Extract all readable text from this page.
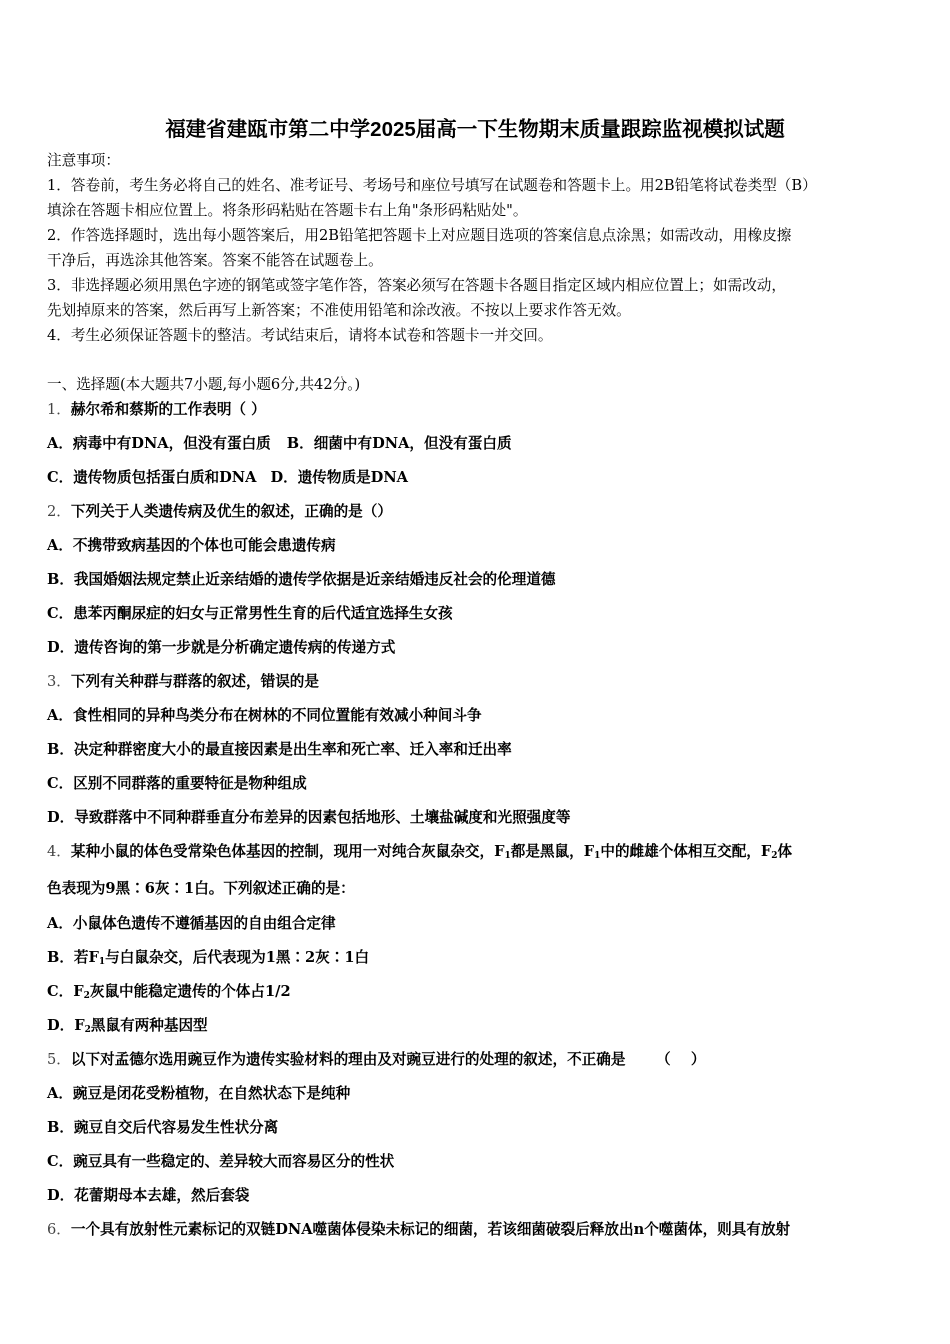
福建省建瓯市第二中学2025届高一下生物期末质量跟踪监视模拟试题
注意事项：
1．答卷前，考生务必将自己的姓名、准考证号、考场号和座位号填写在试题卷和答题卡上。用2B铅笔将试卷类型（B）
填涂在答题卡相应位置上。将条形码粘贴在答题卡右上角"条形码粘贴处"。
2．作答选择题时，选出每小题答案后，用2B铅笔把答题卡上对应题目选项的答案信息点涂黑；如需改动，用橡皮擦
干净后，再选涂其他答案。答案不能答在试题卷上。
3．非选择题必须用黑色字迹的钢笔或签字笔作答，答案必须写在答题卡各题目指定区域内相应位置上；如需改动，
先划掉原来的答案，然后再写上新答案；不准使用铅笔和涂改液。不按以上要求作答无效。
4．考生必须保证答题卡的整洁。考试结束后，请将本试卷和答题卡一并交回。
一、选择题(本大题共7小题,每小题6分,共42分。)
1．赫尔希和蔡斯的工作表明（ ）
A．病毒中有DNA，但没有蛋白质 B．细菌中有DNA，但没有蛋白质
C．遗传物质包括蛋白质和DNA D．遗传物质是DNA
2．下列关于人类遗传病及优生的叙述，正确的是（）
A．不携带致病基因的个体也可能会患遗传病
B．我国婚姻法规定禁止近亲结婚的遗传学依据是近亲结婚违反社会的伦理道德
C．患苯丙酮尿症的妇女与正常男性生育的后代适宜选择生女孩
D．遗传咨询的第一步就是分析确定遗传病的传递方式
3．下列有关种群与群落的叙述，错误的是
A．食性相同的异种鸟类分布在树林的不同位置能有效减小种间斗争
B．决定种群密度大小的最直接因素是出生率和死亡率、迁入率和迁出率
C．区别不同群落的重要特征是物种组成
D．导致群落中不同种群垂直分布差异的因素包括地形、土壤盐碱度和光照强度等
4．某种小鼠的体色受常染色体基因的控制，现用一对纯合灰鼠杂交，$F_1$都是黑鼠，$F_1$中的雌雄个体相互交配，$F_2$体
色表现为9黑∶6灰∶1白。下列叙述正确的是：
A．小鼠体色遗传不遵循基因的自由组合定律
B．若$F_1$与白鼠杂交，后代表现为1黑∶2灰∶1白
C．$F_2$灰鼠中能稳定遗传的个体占1/2
D．$F_2$黑鼠有两种基因型
5．以下对孟德尔选用豌豆作为遗传实验材料的理由及对豌豆进行的处理的叙述，不正确是      （    ）
A．豌豆是闭花受粉植物，在自然状态下是纯种
B．豌豆自交后代容易发生性状分离
C．豌豆具有一些稳定的、差异较大而容易区分的性状
D．花蕾期母本去雄，然后套袋
6．一个具有放射性元素标记的双链DNA噬菌体侵染未标记的细菌，若该细菌破裂后释放出n个噬菌体，则具有放射
